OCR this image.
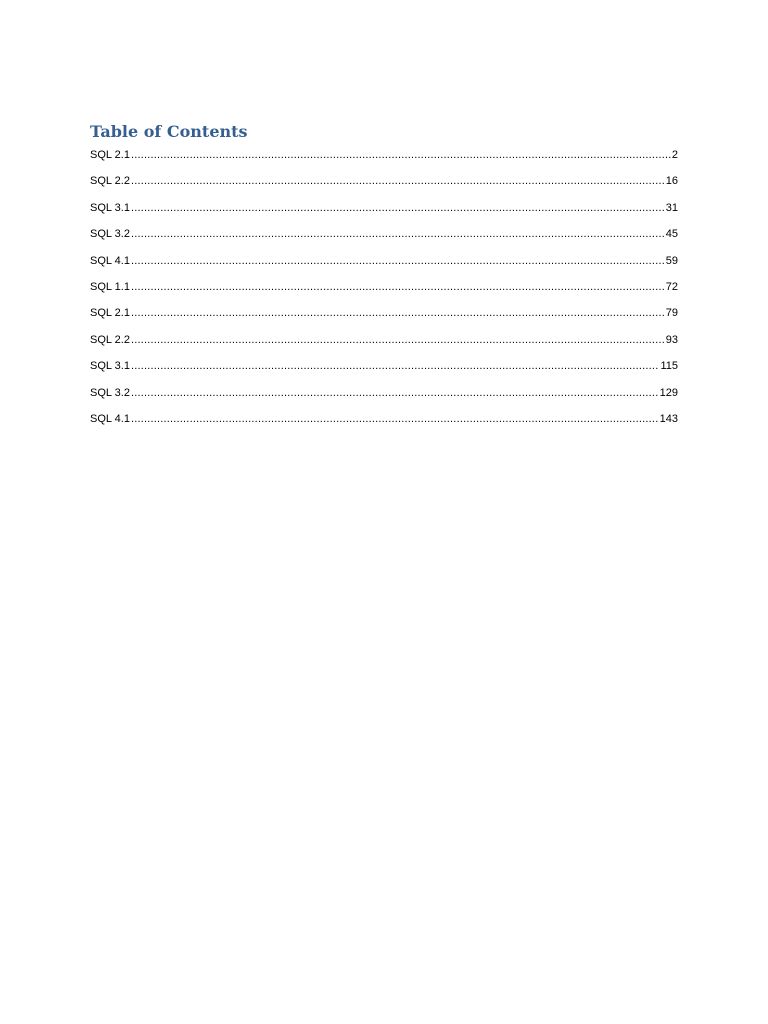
Table of Contents
SQL 2.1 .....	2
SQL 2.2 .....	16
SQL 3.1 .....	31
SQL 3.2 .....	45
SQL 4.1 .....	59
SQL 1.1 .....	72
SQL 2.1 .....	79
SQL 2.2 .....	93
SQL 3.1 .....	115
SQL 3.2 .....	129
SQL 4.1 .....	143
